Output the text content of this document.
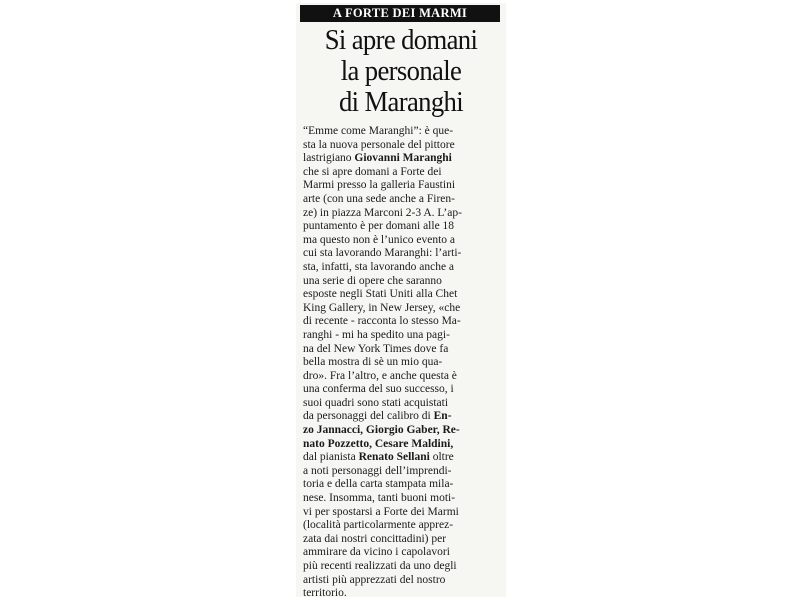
A FORTE DEI MARMI
Si apre domani
la personale
di Maranghi
“Emme come Maranghi”: è que-
sta la nuova personale del pittore
lastrigiano Giovanni Maranghi
che si apre domani a Forte dei
Marmi presso la galleria Faustini
arte (con una sede anche a Firen-
ze) in piazza Marconi 2-3 A. L’ap-
puntamento è per domani alle 18
ma questo non è l’unico evento a
cui sta lavorando Maranghi: l’arti-
sta, infatti, sta lavorando anche a
una serie di opere che saranno
esposte negli Stati Uniti alla Chet
King Gallery, in New Jersey, «che
di recente - racconta lo stesso Ma-
ranghi - mi ha spedito una pagi-
na del New York Times dove fa
bella mostra di sè un mio qua-
dro». Fra l’altro, e anche questa è
una conferma del suo successo, i
suoi quadri sono stati acquistati
da personaggi del calibro di En-
zo Jannacci, Giorgio Gaber, Re-
nato Pozzetto, Cesare Maldini,
dal pianista Renato Sellani oltre
a noti personaggi dell’imprendi-
toria e della carta stampata mila-
nese. Insomma, tanti buoni moti-
vi per spostarsi a Forte dei Marmi
(località particolarmente apprez-
zata dai nostri concittadini) per
ammirare da vicino i capolavori
più recenti realizzati da uno degli
artisti più apprezzati del nostro
territorio.
